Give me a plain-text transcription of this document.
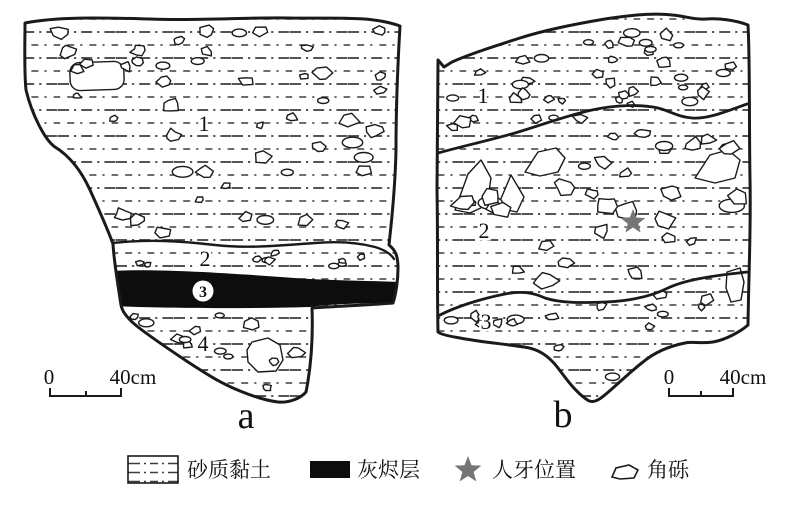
1
2
3
4
0	40cm
a
1
2
3
0 40cm
b
砂质黏土	灰烬层	人牙位置	角砾
